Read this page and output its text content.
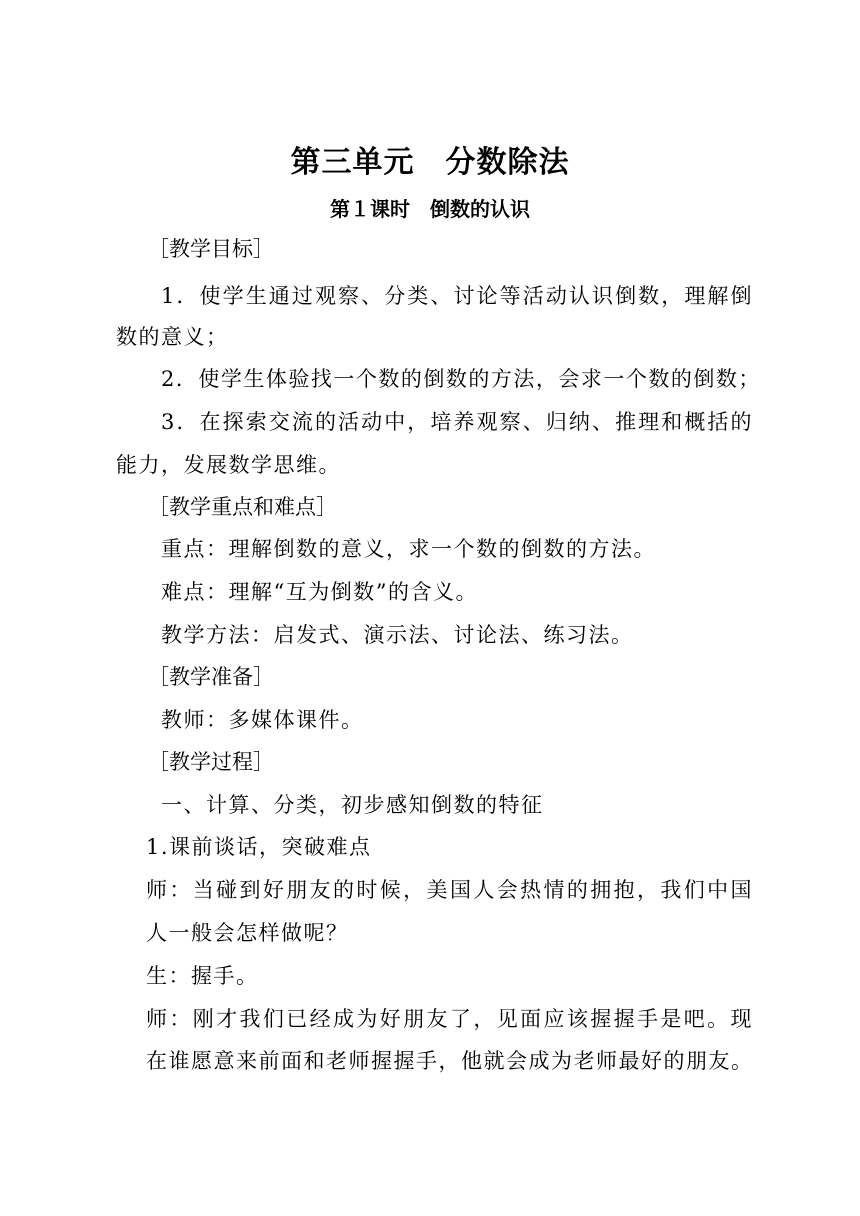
第三单元　分数除法
第１课时　倒数的认识
［教学目标］
1．使学生通过观察、分类、讨论等活动认识倒数，理解倒
数的意义；
2．使学生体验找一个数的倒数的方法，会求一个数的倒数；
3．在探索交流的活动中，培养观察、归纳、推理和概括的
能力，发展数学思维。
［教学重点和难点］
重点：理解倒数的意义，求一个数的倒数的方法。
难点：理解“互为倒数”的含义。
教学方法：启发式、演示法、讨论法、练习法。
［教学准备］
教师：多媒体课件。
［教学过程］
一、计算、分类，初步感知倒数的特征
1.课前谈话，突破难点
师：当碰到好朋友的时候，美国人会热情的拥抱，我们中国
人一般会怎样做呢？
生：握手。
师：刚才我们已经成为好朋友了，见面应该握握手是吧。现
在谁愿意来前面和老师握握手，他就会成为老师最好的朋友。
